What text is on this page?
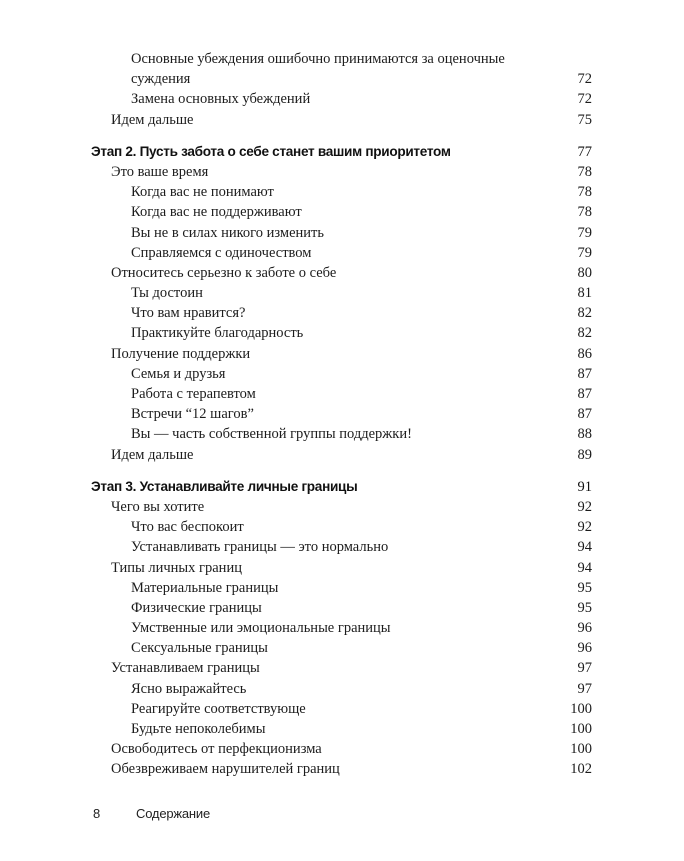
Основные убеждения ошибочно принимаются за оценочные
суждения	72
Замена основных убеждений	72
Идем дальше	75
Этап 2. Пусть забота о себе станет вашим приоритетом	77
Это ваше время	78
Когда вас не понимают	78
Когда вас не поддерживают	78
Вы не в силах никого изменить	79
Справляемся с одиночеством	79
Относитесь серьезно к заботе о себе	80
Ты достоин	81
Что вам нравится?	82
Практикуйте благодарность	82
Получение поддержки	86
Семья и друзья	87
Работа с терапевтом	87
Встречи “12 шагов”	87
Вы — часть собственной группы поддержки!	88
Идем дальше	89
Этап 3. Устанавливайте личные границы	91
Чего вы хотите	92
Что вас беспокоит	92
Устанавливать границы — это нормально	94
Типы личных границ	94
Материальные границы	95
Физические границы	95
Умственные или эмоциональные границы	96
Сексуальные границы	96
Устанавливаем границы	97
Ясно выражайтесь	97
Реагируйте соответствующе	100
Будьте непоколебимы	100
Освободитесь от перфекционизма	100
Обезвреживаем нарушителей границ	102
8	Содержание
